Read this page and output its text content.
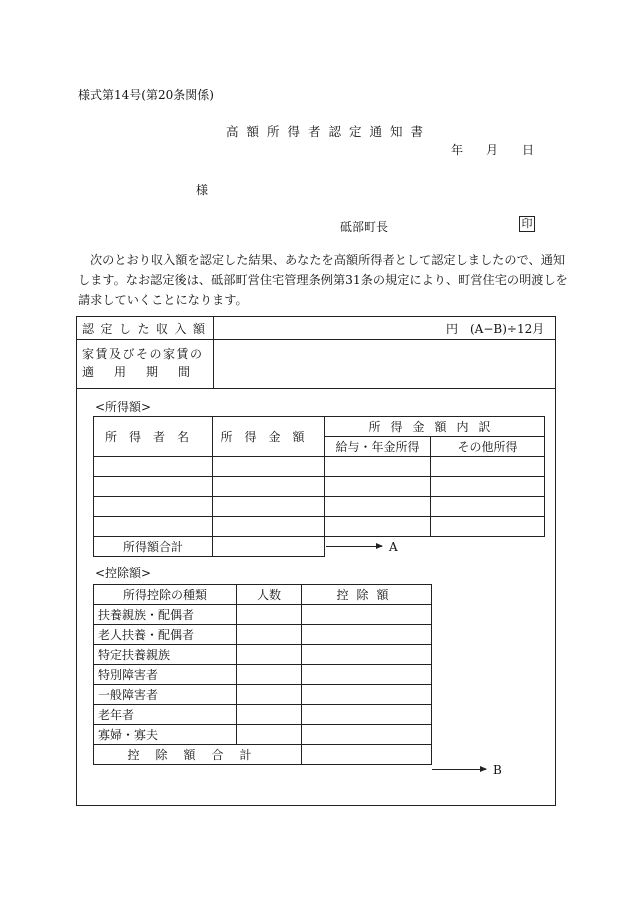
様式第14号(第20条関係)
高額所得者認定通知書
年 月 日
様
砥部町長	印
次のとおり収入額を認定した結果、あなたを高額所得者として認定しましたので、通知
します。なお認定後は、砥部町営住宅管理条例第31条の規定により、町営住宅の明渡しを
請求していくことになります。
認定した収入額	円　(A−B)÷12月
家賃及びその家賃の
適用期間
<所得額>
所得者名	所得金額	所得金額内訳	
		給与・年金所得	その他所得

所得額合計				A
<控除額>
所得控除の種類	人数	控除額
扶養親族・配偶者		
老人扶養・配偶者		
特定扶養親族		
特別障害者		
一般障害者		
老年者		
寡婦・寡夫		
控除額合計		
B
